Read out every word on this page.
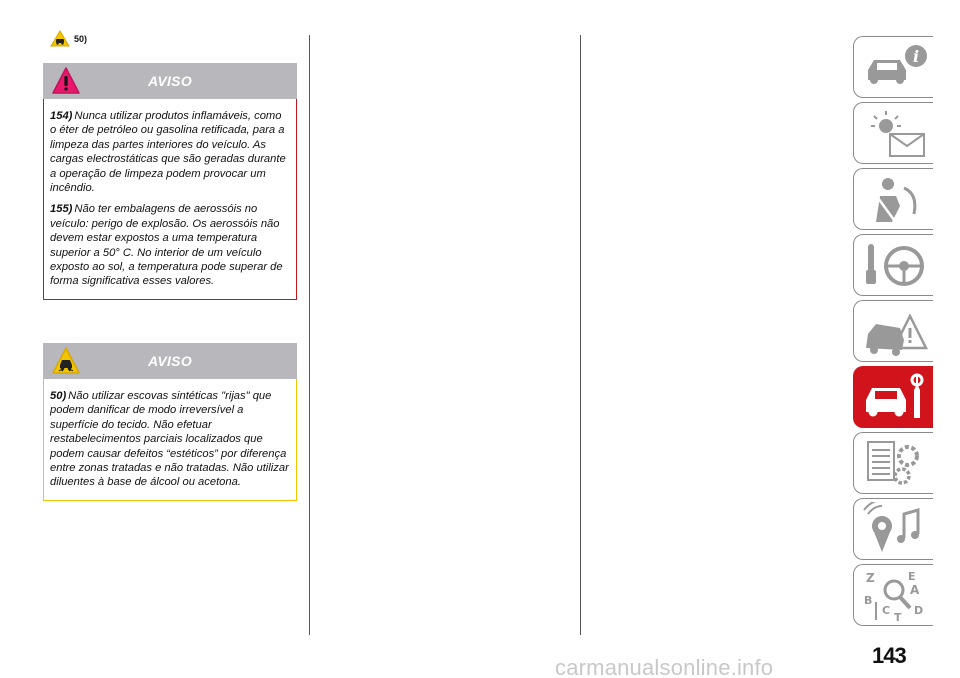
50)
AVISO

154) Nunca utilizar produtos inflamáveis, como o éter de petróleo ou gasolina retificada, para a limpeza das partes interiores do veículo. As cargas electrostáticas que são geradas durante a operação de limpeza podem provocar um incêndio.

155) Não ter embalagens de aerossóis no veículo: perigo de explosão. Os aerossóis não devem estar expostos a uma temperatura superior a 50° C. No interior de um veículo exposto ao sol, a temperatura pode superar de forma significativa esses valores.

AVISO

50) Não utilizar escovas sintéticas "rijas" que podem danificar de modo irreversível a superfície do tecido. Não efetuar restabelecimentos parciais localizados que podem causar defeitos “estéticos” por diferença entre zonas tratadas e não tratadas. Não utilizar diluentes à base de álcool ou acetona.

i
Z	E
A
B
C D
T
143
carmanualsonline.info
